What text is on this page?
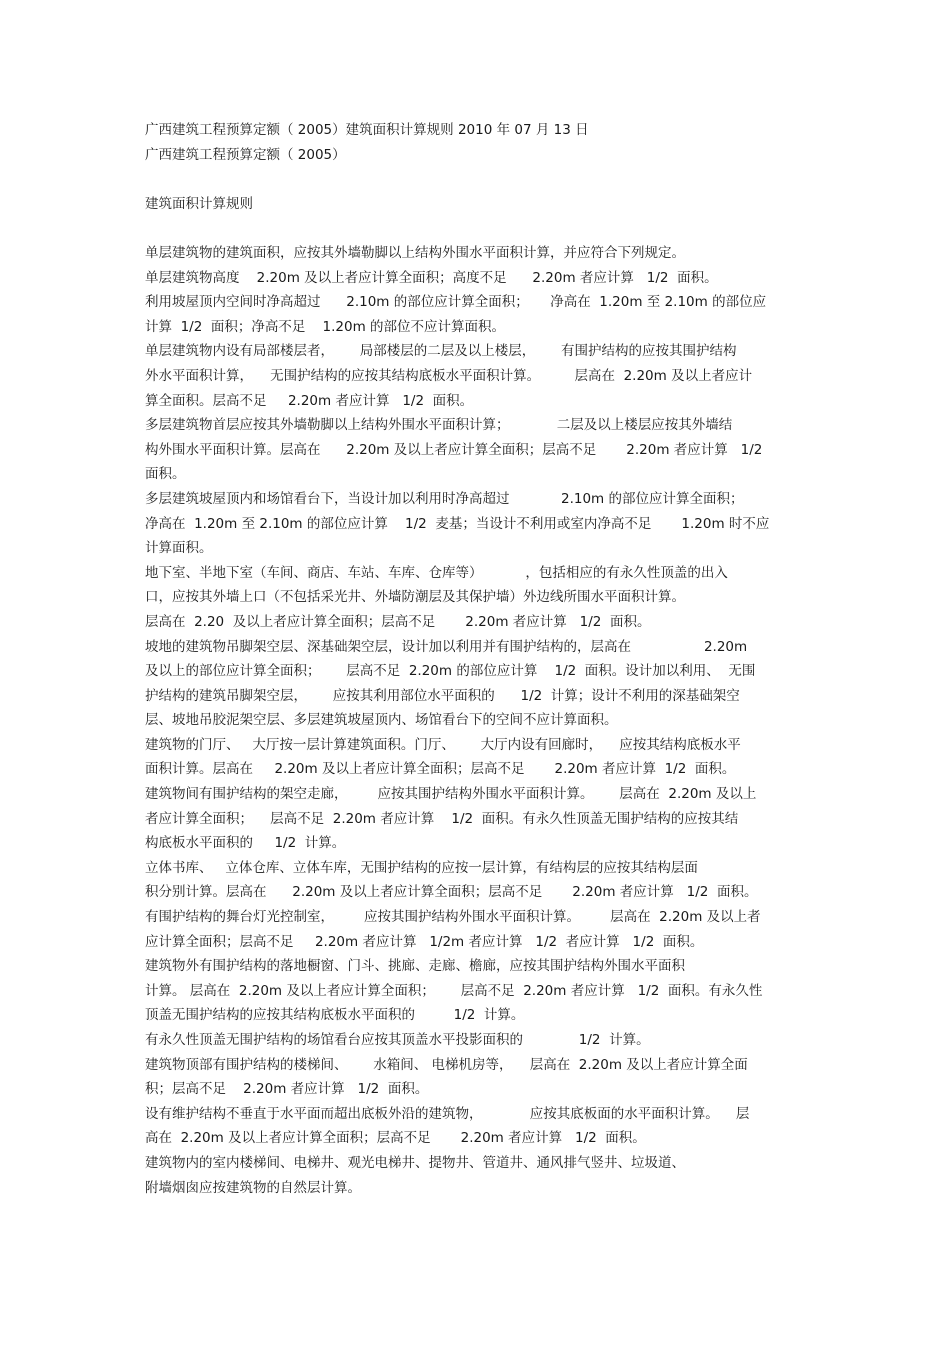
广西建筑工程预算定额（ 2005）建筑面积计算规则 2010 年 07 月 13 日
广西建筑工程预算定额（ 2005）
建筑面积计算规则
单层建筑物的建筑面积，应按其外墙勒脚以上结构外围水平面积计算，并应符合下列规定。
单层建筑物高度    2.20m 及以上者应计算全面积；高度不足      2.20m 者应计算   1/2  面积。
利用坡屋顶内空间时净高超过      2.10m 的部位应计算全面积；     净高在  1.20m 至 2.10m 的部位应
计算  1/2  面积；净高不足    1.20m 的部位不应计算面积。
单层建筑物内设有局部楼层者，      局部楼层的二层及以上楼层，      有围护结构的应按其围护结构
外水平面积计算，    无围护结构的应按其结构底板水平面积计算。        层高在  2.20m 及以上者应计
算全面积。层高不足     2.20m 者应计算   1/2  面积。
多层建筑物首层应按其外墙勒脚以上结构外围水平面积计算；           二层及以上楼层应按其外墙结
构外围水平面积计算。层高在      2.20m 及以上者应计算全面积；层高不足       2.20m 者应计算   1/2
面积。
多层建筑坡屋顶内和场馆看台下，当设计加以利用时净高超过            2.10m 的部位应计算全面积；
净高在  1.20m 至 2.10m 的部位应计算    1/2  麦基；当设计不利用或室内净高不足       1.20m 时不应
计算面积。
地下室、半地下室（车间、商店、车站、车库、仓库等）          ，包括相应的有永久性顶盖的出入
口，应按其外墙上口（不包括采光井、外墙防潮层及其保护墙）外边线所围水平面积计算。
层高在  2.20  及以上者应计算全面积；层高不足       2.20m 者应计算   1/2  面积。
坡地的建筑物吊脚架空层、深基础架空层，设计加以利用并有围护结构的，层高在                 2.20m
及以上的部位应计算全面积；      层高不足  2.20m 的部位应计算    1/2  面积。设计加以利用、  无围
护结构的建筑吊脚架空层，      应按其利用部位水平面积的      1/2  计算；设计不利用的深基础架空
层、坡地吊胶泥架空层、多层建筑坡屋顶内、场馆看台下的空间不应计算面积。
建筑物的门厅、   大厅按一层计算建筑面积。门厅、      大厅内设有回廊时，    应按其结构底板水平
面积计算。层高在     2.20m 及以上者应计算全面积；层高不足       2.20m 者应计算  1/2  面积。
建筑物间有围护结构的架空走廊，       应按其围护结构外围水平面积计算。      层高在  2.20m 及以上
者应计算全面积；    层高不足  2.20m 者应计算    1/2  面积。有永久性顶盖无围护结构的应按其结
构底板水平面积的     1/2  计算。
立体书库、   立体仓库、立体车库，无围护结构的应按一层计算，有结构层的应按其结构层面
积分别计算。层高在      2.20m 及以上者应计算全面积；层高不足       2.20m 者应计算   1/2  面积。
有围护结构的舞台灯光控制室，       应按其围护结构外围水平面积计算。       层高在  2.20m 及以上者
应计算全面积；层高不足     2.20m 者应计算   1/2m 者应计算   1/2  者应计算   1/2  面积。
建筑物外有围护结构的落地橱窗、门斗、挑廊、走廊、檐廊，应按其围护结构外围水平面积
计算。 层高在  2.20m 及以上者应计算全面积；      层高不足  2.20m 者应计算   1/2  面积。有永久性
顶盖无围护结构的应按其结构底板水平面积的         1/2  计算。
有永久性顶盖无围护结构的场馆看台应按其顶盖水平投影面积的             1/2  计算。
建筑物顶部有围护结构的楼梯间、      水箱间、 电梯机房等，    层高在  2.20m 及以上者应计算全面
积；层高不足    2.20m 者应计算   1/2  面积。
设有维护结构不垂直于水平面而超出底板外沿的建筑物，           应按其底板面的水平面积计算。    层
高在  2.20m 及以上者应计算全面积；层高不足       2.20m 者应计算   1/2  面积。
建筑物内的室内楼梯间、电梯井、观光电梯井、提物井、管道井、通风排气竖井、垃圾道、
附墙烟囱应按建筑物的自然层计算。
